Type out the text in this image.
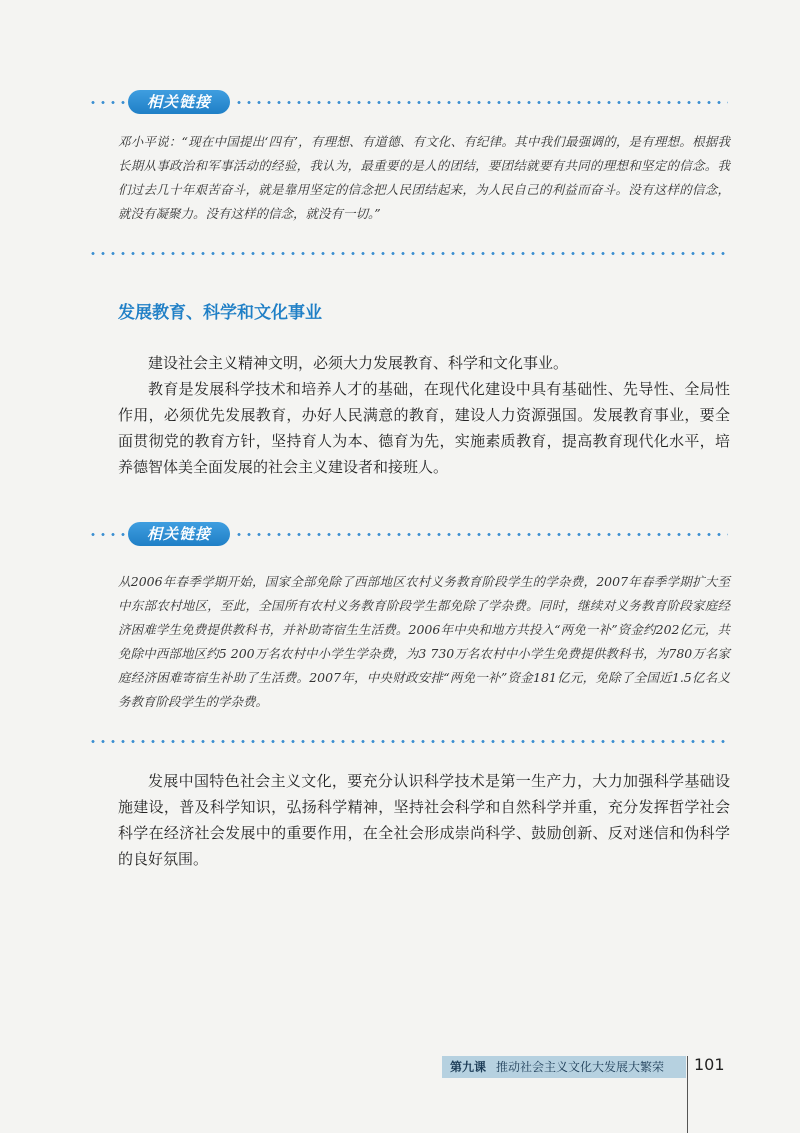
相关链接

邓小平说：“现在中国提出‘四有’，有理想、有道德、有文化、有纪律。其中我们最强调的，是有理想。根据我长期从事政治和军事活动的经验，我认为，最重要的是人的团结，要团结就要有共同的理想和坚定的信念。我们过去几十年艰苦奋斗，就是靠用坚定的信念把人民团结起来，为人民自己的利益而奋斗。没有这样的信念，就没有凝聚力。没有这样的信念，就没有一切。”

发展教育、科学和文化事业

建设社会主义精神文明，必须大力发展教育、科学和文化事业。

教育是发展科学技术和培养人才的基础，在现代化建设中具有基础性、先导性、全局性作用，必须优先发展教育，办好人民满意的教育，建设人力资源强国。发展教育事业，要全面贯彻党的教育方针，坚持育人为本、德育为先，实施素质教育，提高教育现代化水平，培养德智体美全面发展的社会主义建设者和接班人。

相关链接

从2006年春季学期开始，国家全部免除了西部地区农村义务教育阶段学生的学杂费，2007年春季学期扩大至中东部农村地区，至此，全国所有农村义务教育阶段学生都免除了学杂费。同时，继续对义务教育阶段家庭经济困难学生免费提供教科书，并补助寄宿生生活费。2006年中央和地方共投入“两免一补”资金约202亿元，共免除中西部地区约5 200万名农村中小学生学杂费，为3 730万名农村中小学生免费提供教科书，为780万名家庭经济困难寄宿生补助了生活费。2007年，中央财政安排“两免一补”资金181亿元，免除了全国近1.5亿名义务教育阶段学生的学杂费。

发展中国特色社会主义文化，要充分认识科学技术是第一生产力，大力加强科学基础设施建设，普及科学知识，弘扬科学精神，坚持社会科学和自然科学并重，充分发挥哲学社会科学在经济社会发展中的重要作用，在全社会形成崇尚科学、鼓励创新、反对迷信和伪科学的良好氛围。

第九课 推动社会主义文化大发展大繁荣 101
